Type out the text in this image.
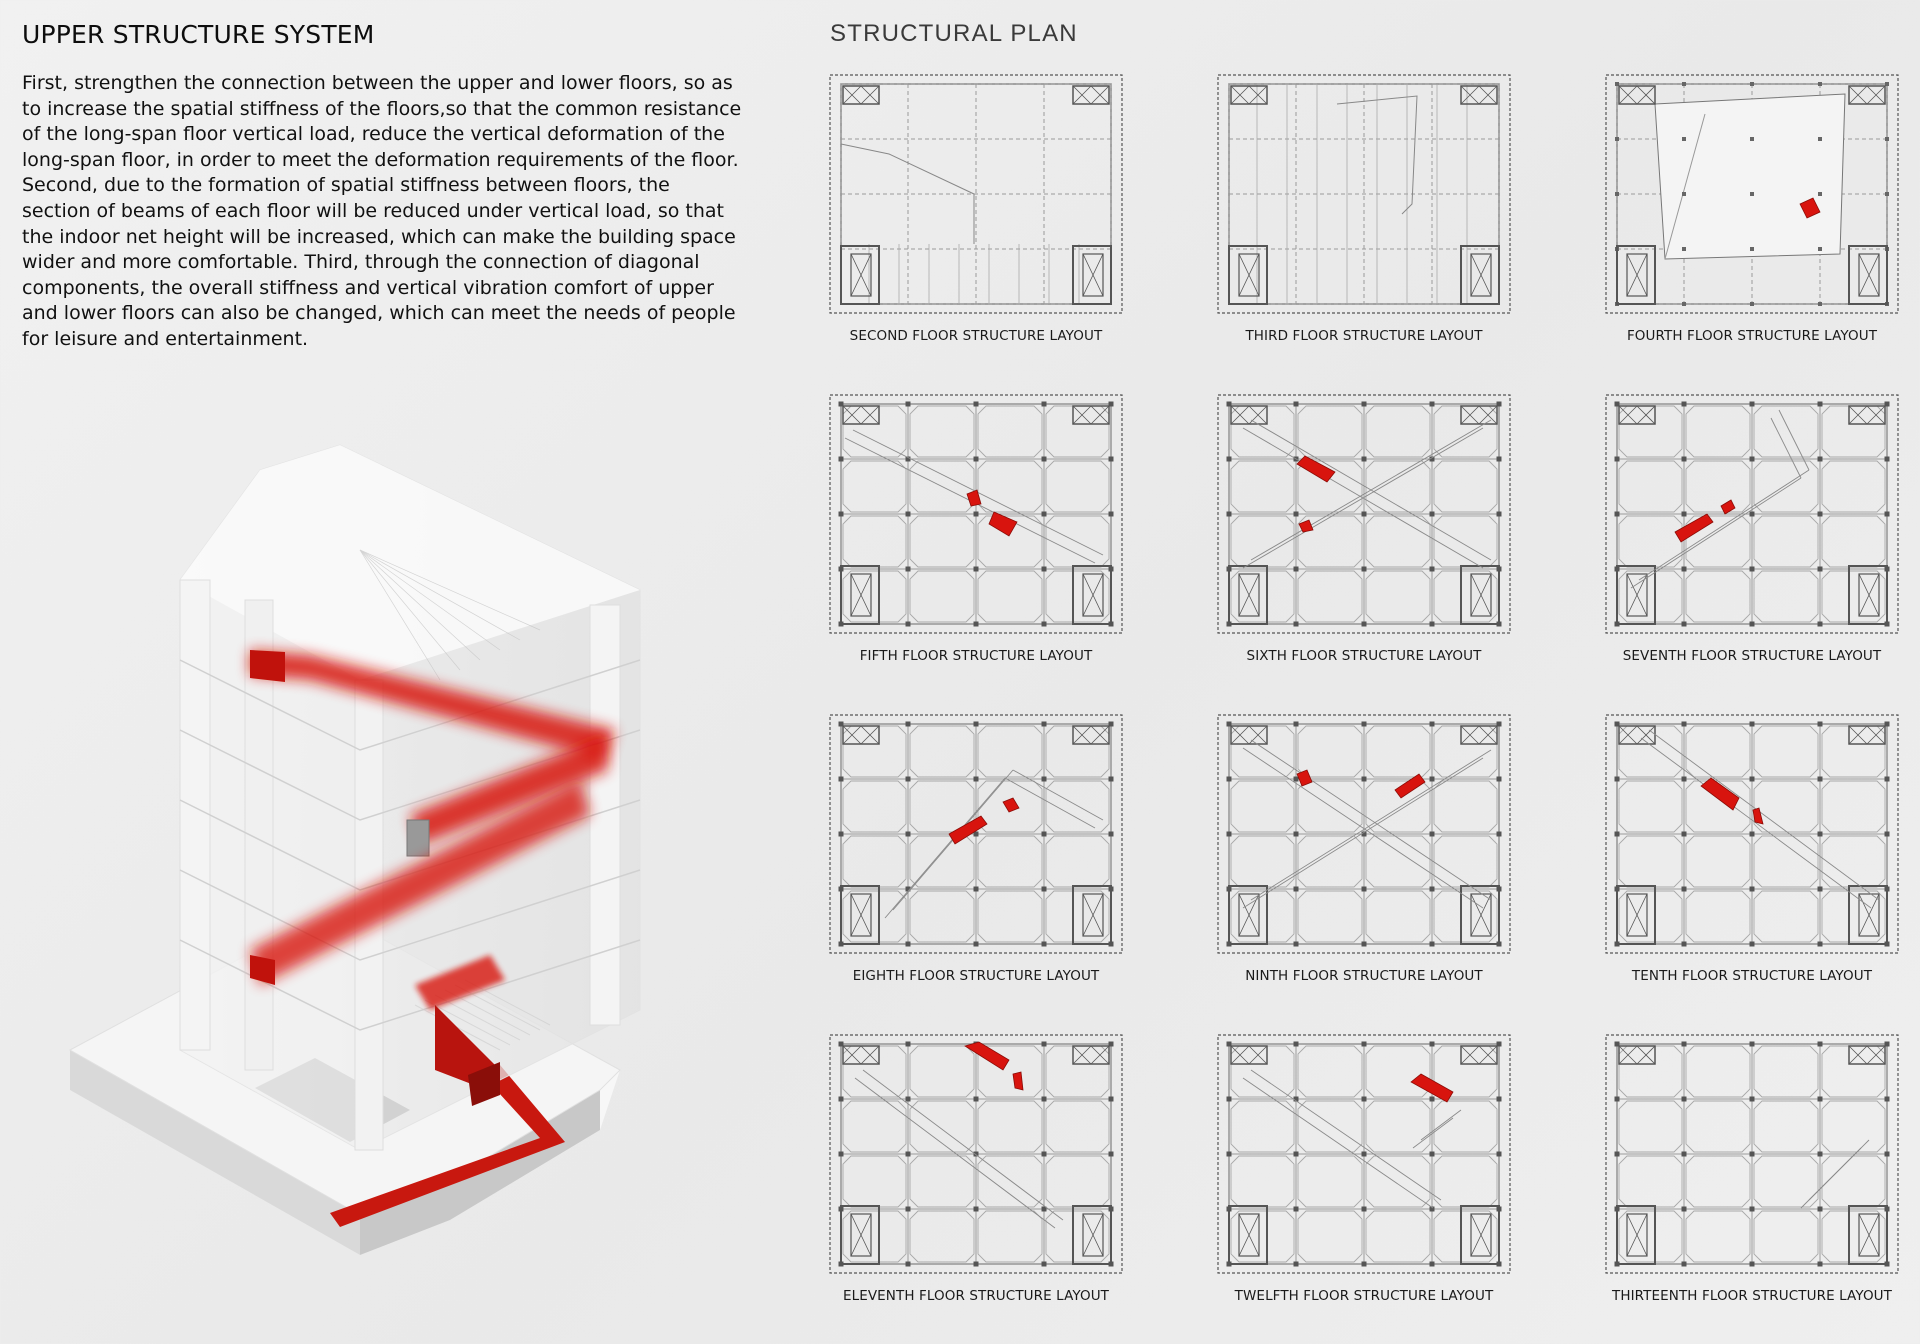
UPPER STRUCTURE SYSTEM

First, strengthen the connection between the upper and lower floors, so as to increase the spatial stiffness of the floors,so that the common resistance of the long-span floor vertical load, reduce the vertical deformation of the long-span floor, in order to meet the deformation requirements of the floor. Second, due to the formation of spatial stiffness between floors, the section of beams of each floor will be reduced under vertical load, so that the indoor net height will be increased, which can make the building space wider and more comfortable. Third, through the connection of diagonal components, the overall stiffness and vertical vibration comfort of upper and lower floors can also be changed, which can meet the needs of people for leisure and entertainment.

STRUCTURAL PLAN
SECOND FLOOR STRUCTURE LAYOUT	THIRD FLOOR STRUCTURE LAYOUT	FOURTH FLOOR STRUCTURE LAYOUT
FIFTH FLOOR STRUCTURE LAYOUT	SIXTH FLOOR STRUCTURE LAYOUT	SEVENTH FLOOR STRUCTURE LAYOUT
EIGHTH FLOOR STRUCTURE LAYOUT	NINTH FLOOR STRUCTURE LAYOUT	TENTH FLOOR STRUCTURE LAYOUT
ELEVENTH FLOOR STRUCTURE LAYOUT	TWELFTH FLOOR STRUCTURE LAYOUT	THIRTEENTH FLOOR STRUCTURE LAYOUT
